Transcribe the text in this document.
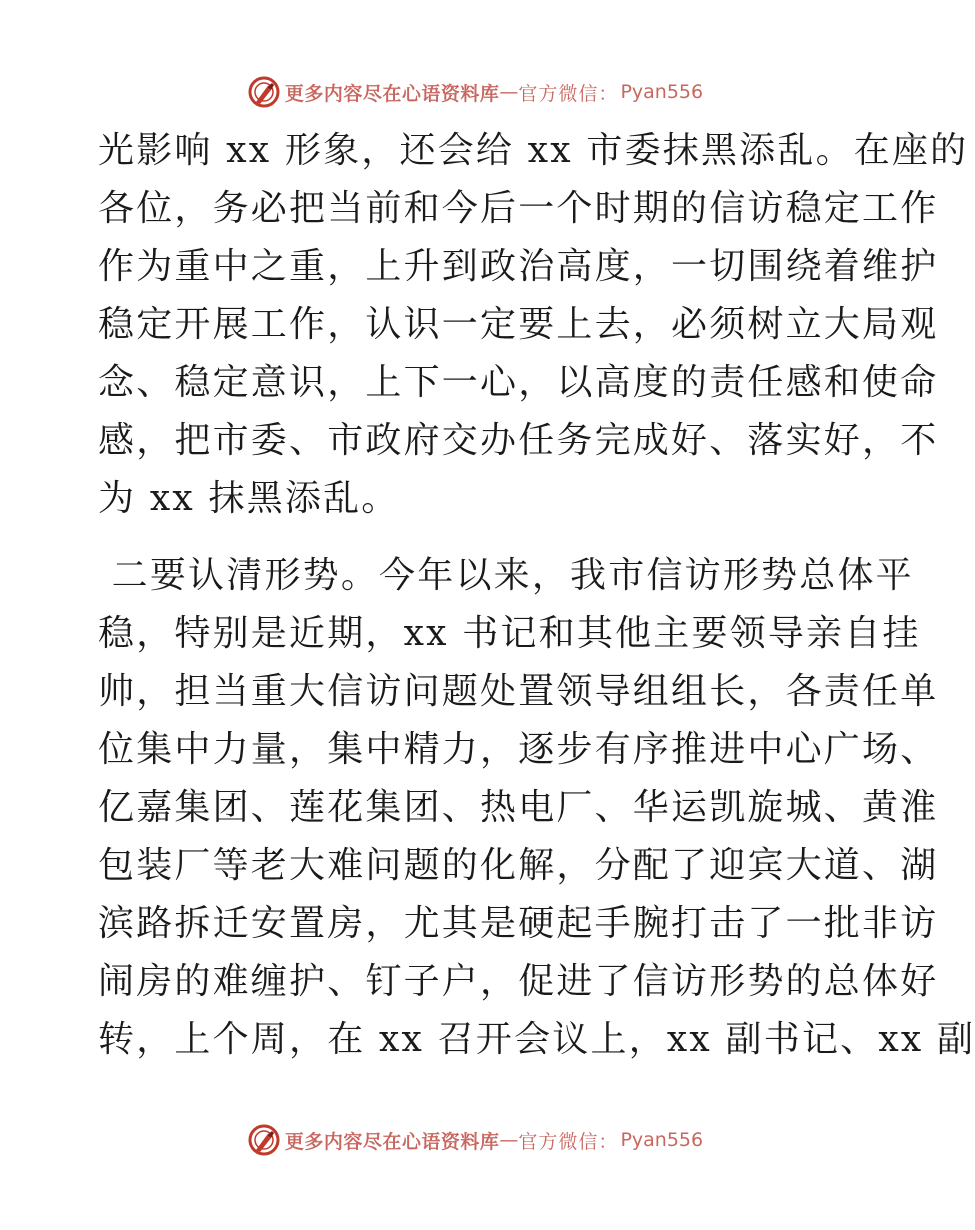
更多内容尽在心语资料库 — 官方微信： Pyan556
光影响 xx 形象，还会给 xx 市委抹黑添乱。在座的
各位，务必把当前和今后一个时期的信访稳定工作
作为重中之重，上升到政治高度，一切围绕着维护
稳定开展工作，认识一定要上去，必须树立大局观
念、稳定意识，上下一心，以高度的责任感和使命
感，把市委、市政府交办任务完成好、落实好，不
为 xx 抹黑添乱。
二要认清形势。今年以来，我市信访形势总体平
稳，特别是近期，xx 书记和其他主要领导亲自挂
帅，担当重大信访问题处置领导组组长，各责任单
位集中力量，集中精力，逐步有序推进中心广场、
亿嘉集团、莲花集团、热电厂、华运凯旋城、黄淮
包装厂等老大难问题的化解，分配了迎宾大道、湖
滨路拆迁安置房，尤其是硬起手腕打击了一批非访
闹房的难缠护、钉子户，促进了信访形势的总体好
转，上个周，在 xx 召开会议上，xx 副书记、xx 副
更多内容尽在心语资料库 — 官方微信： Pyan556
